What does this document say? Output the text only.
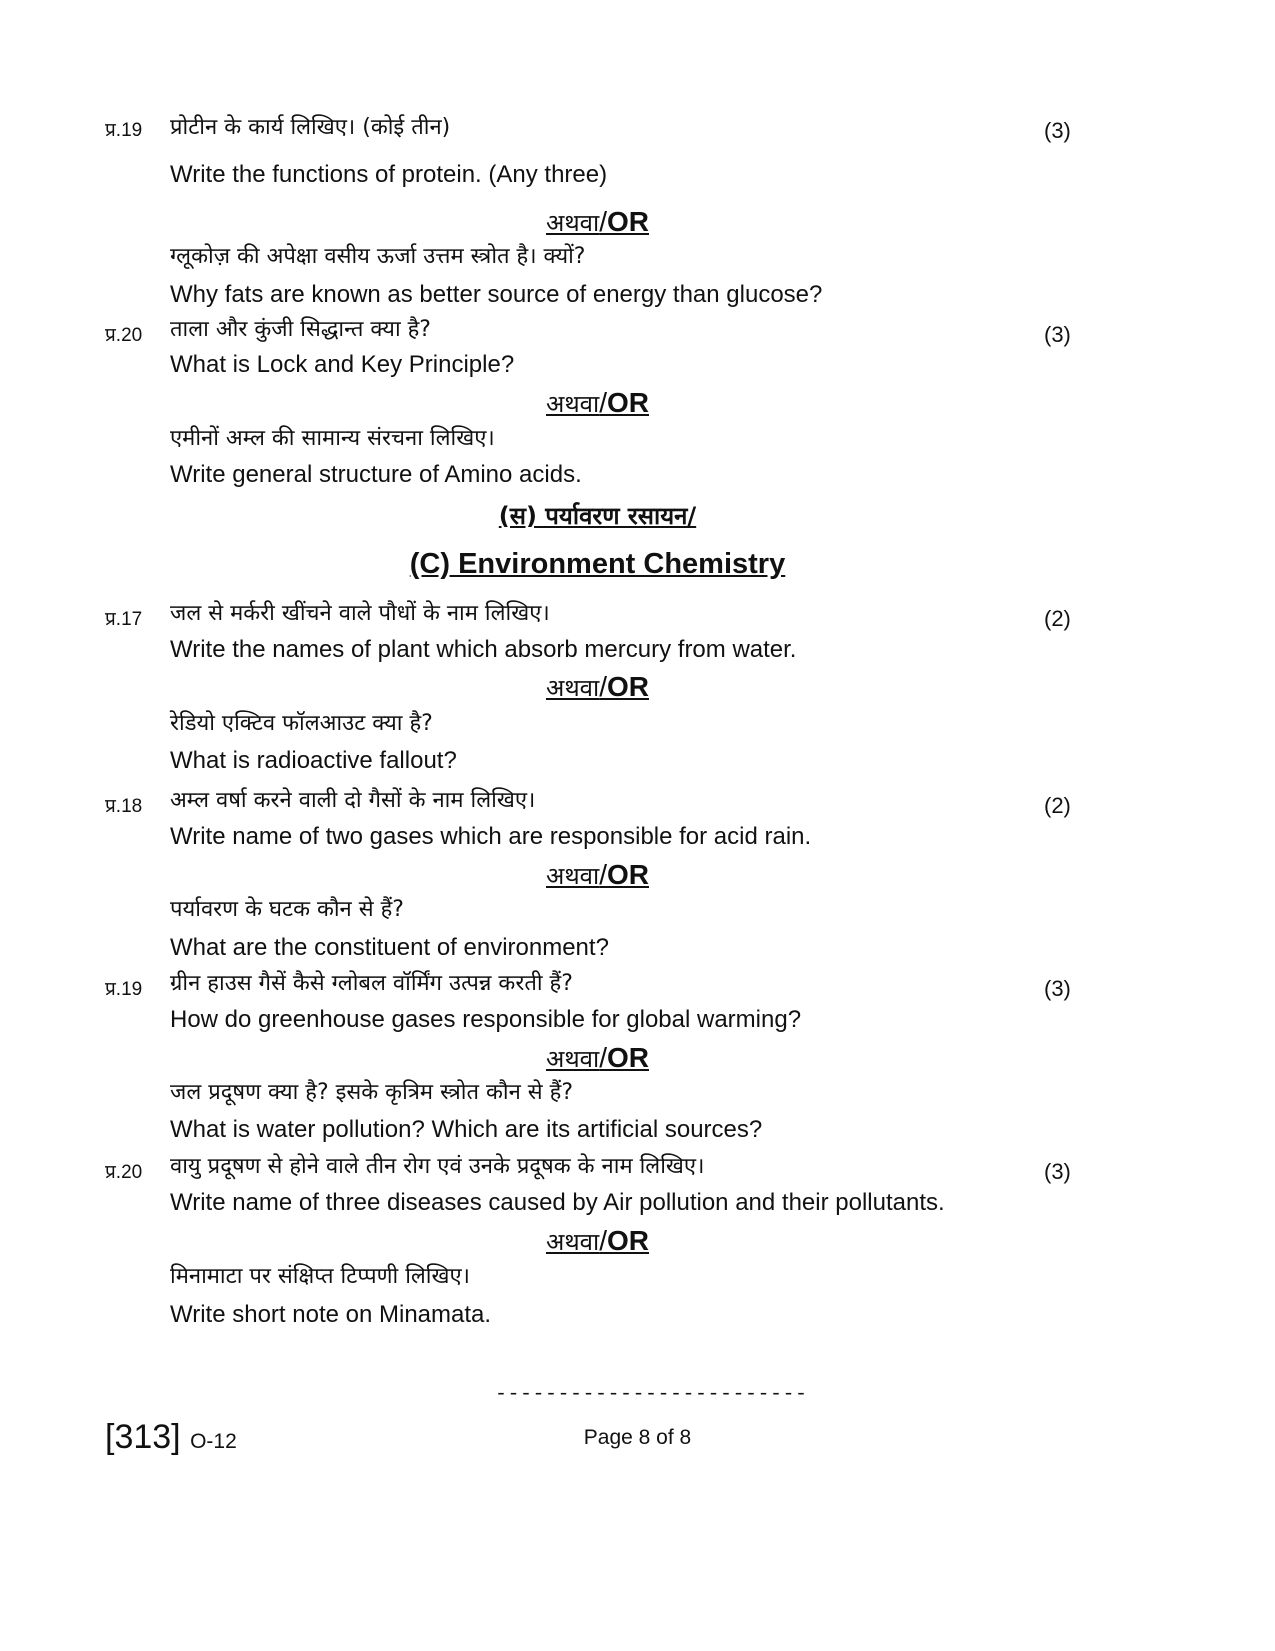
प्र.19 प्रोटीन के कार्य लिखिए। (कोई तीन)	(3)
Write the functions of protein. (Any three)
अथवा/OR
ग्लूकोज़ की अपेक्षा वसीय ऊर्जा उत्तम स्त्रोत है। क्यों?
Why fats are known as better source of energy than glucose?
प्र.20 ताला और कुंजी सिद्धान्त क्या है?	(3)
What is Lock and Key Principle?
अथवा/OR
एमीनों अम्ल की सामान्य संरचना लिखिए।
Write general structure of Amino acids.
(स) पर्यावरण रसायन/
(C) Environment Chemistry
प्र.17 जल से मर्करी खींचने वाले पौधों के नाम लिखिए।	(2)
Write the names of plant which absorb mercury from water.
अथवा/OR
रेडियो एक्टिव फॉलआउट क्या है?
What is radioactive fallout?
प्र.18 अम्ल वर्षा करने वाली दो गैसों के नाम लिखिए।	(2)
Write name of two gases which are responsible for acid rain.
अथवा/OR
पर्यावरण के घटक कौन से हैं?
What are the constituent of environment?
प्र.19 ग्रीन हाउस गैसें कैसे ग्लोबल वॉर्मिंग उत्पन्न करती हैं?	(3)
How do greenhouse gases responsible for global warming?
अथवा/OR
जल प्रदूषण क्या है? इसके कृत्रिम स्त्रोत कौन से हैं?
What is water pollution? Which are its artificial sources?
प्र.20 वायु प्रदूषण से होने वाले तीन रोग एवं उनके प्रदूषक के नाम लिखिए।	(3)
Write name of three diseases caused by Air pollution and their pollutants.
अथवा/OR
मिनामाटा पर संक्षिप्त टिप्पणी लिखिए।
Write short note on Minamata.
-------------------------
[313] O-12	Page 8 of 8
